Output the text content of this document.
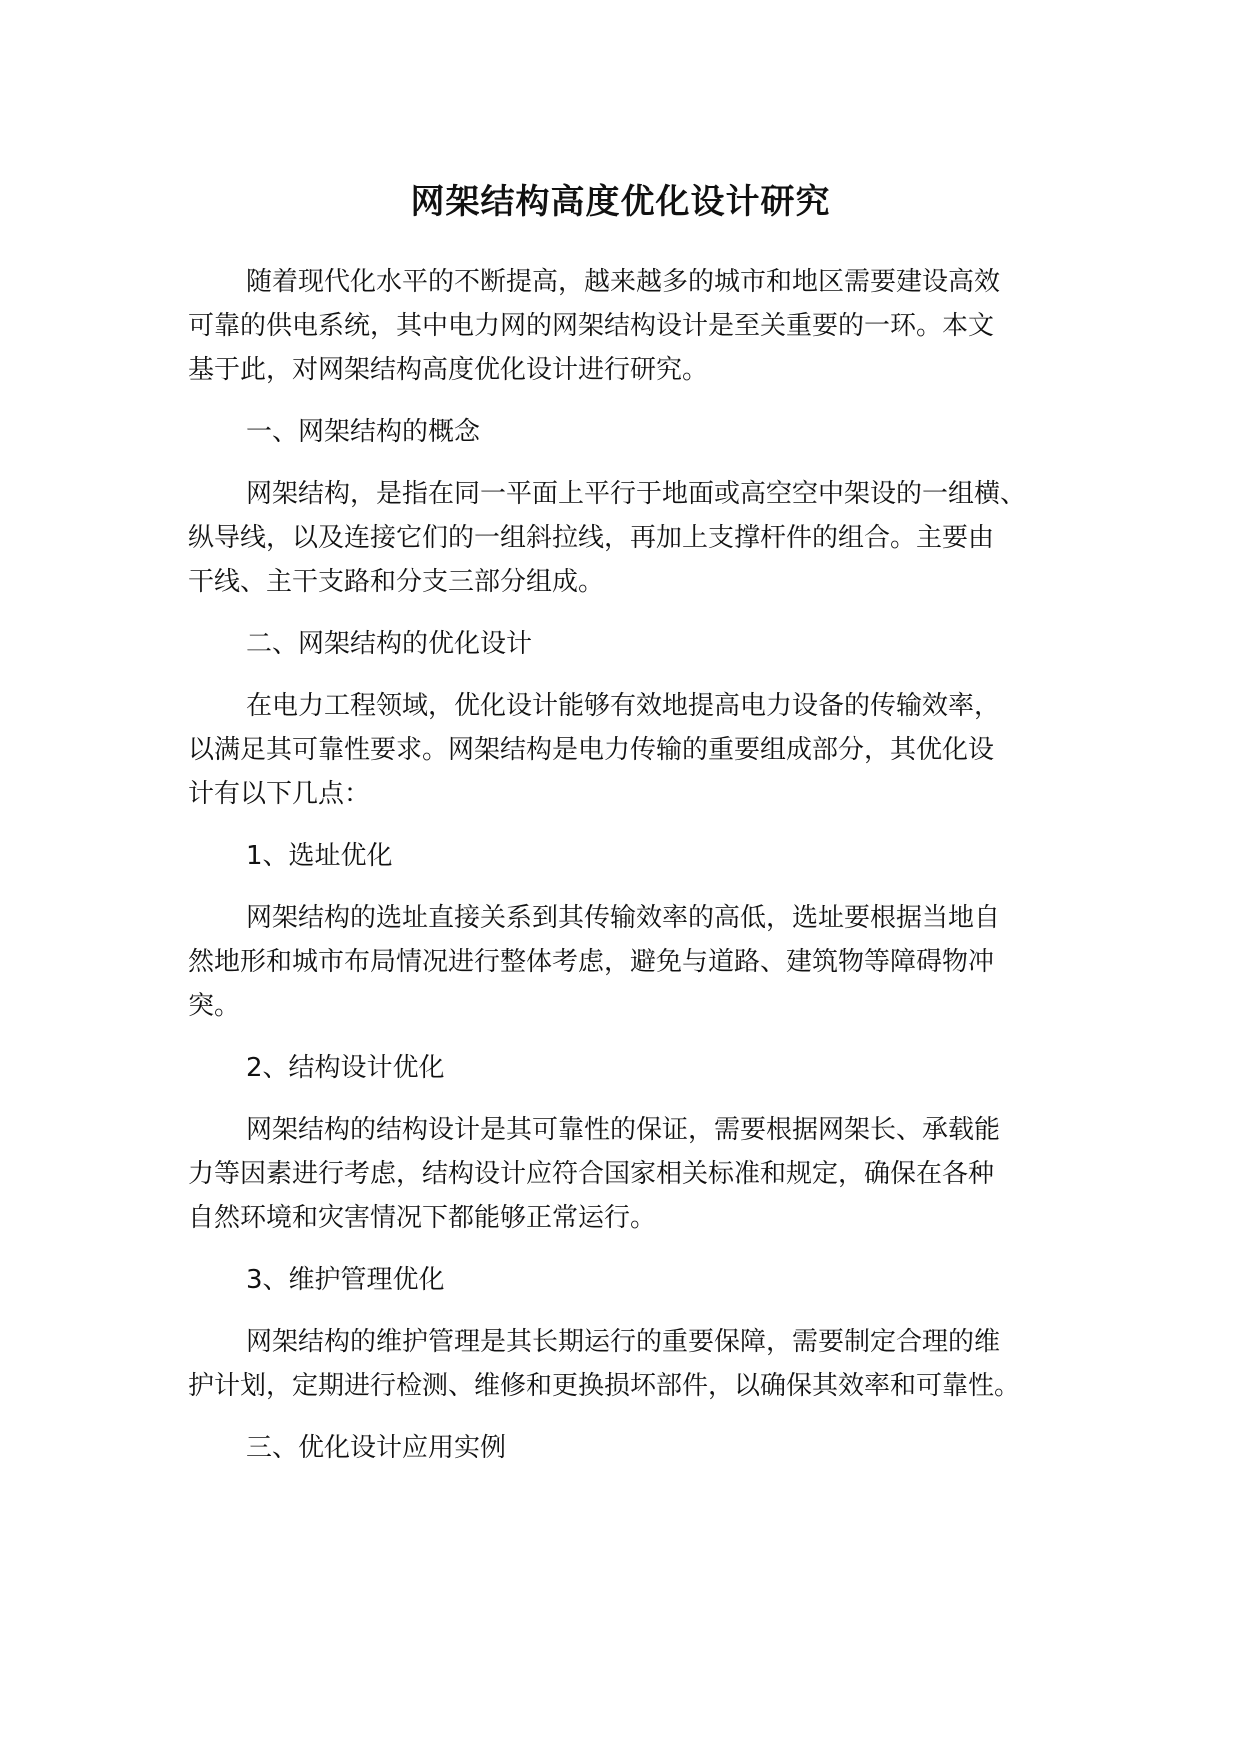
网架结构高度优化设计研究

随着现代化水平的不断提高，越来越多的城市和地区需要建设高效

可靠的供电系统，其中电力网的网架结构设计是至关重要的一环。本文

基于此，对网架结构高度优化设计进行研究。

一、网架结构的概念

网架结构，是指在同一平面上平行于地面或高空空中架设的一组横、

纵导线，以及连接它们的一组斜拉线，再加上支撑杆件的组合。主要由

干线、主干支路和分支三部分组成。

二、网架结构的优化设计

在电力工程领域，优化设计能够有效地提高电力设备的传输效率，

以满足其可靠性要求。网架结构是电力传输的重要组成部分，其优化设

计有以下几点：

1、选址优化

网架结构的选址直接关系到其传输效率的高低，选址要根据当地自

然地形和城市布局情况进行整体考虑，避免与道路、建筑物等障碍物冲

突。

2、结构设计优化

网架结构的结构设计是其可靠性的保证，需要根据网架长、承载能

力等因素进行考虑，结构设计应符合国家相关标准和规定，确保在各种

自然环境和灾害情况下都能够正常运行。

3、维护管理优化

网架结构的维护管理是其长期运行的重要保障，需要制定合理的维

护计划，定期进行检测、维修和更换损坏部件，以确保其效率和可靠性。

三、优化设计应用实例
